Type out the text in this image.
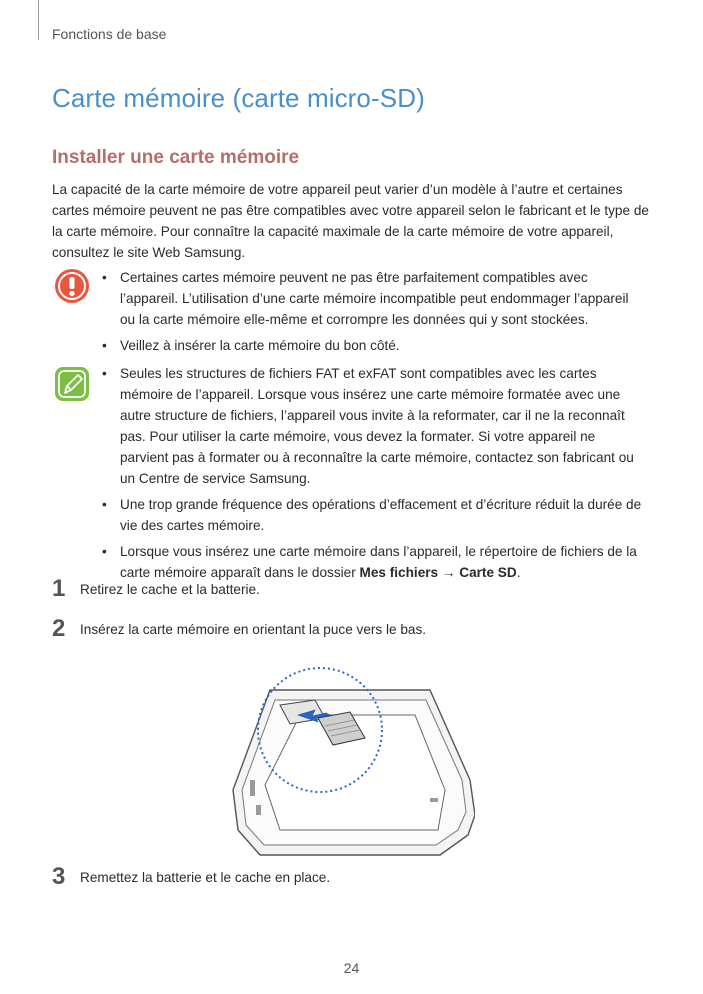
Fonctions de base
Carte mémoire (carte micro-SD)
Installer une carte mémoire

La capacité de la carte mémoire de votre appareil peut varier d’un modèle à l’autre et certaines cartes mémoire peuvent ne pas être compatibles avec votre appareil selon le fabricant et le type de la carte mémoire. Pour connaître la capacité maximale de la carte mémoire de votre appareil, consultez le site Web Samsung.

• Certaines cartes mémoire peuvent ne pas être parfaitement compatibles avec l’appareil. L’utilisation d’une carte mémoire incompatible peut endommager l’appareil ou la carte mémoire elle-même et corrompre les données qui y sont stockées.
• Veillez à insérer la carte mémoire du bon côté.
• Seules les structures de fichiers FAT et exFAT sont compatibles avec les cartes mémoire de l’appareil. Lorsque vous insérez une carte mémoire formatée avec une autre structure de fichiers, l’appareil vous invite à la reformater, car il ne la reconnaît pas. Pour utiliser la carte mémoire, vous devez la formater. Si votre appareil ne parvient pas à formater ou à reconnaître la carte mémoire, contactez son fabricant ou un Centre de service Samsung.
• Une trop grande fréquence des opérations d’effacement et d’écriture réduit la durée de vie des cartes mémoire.
• Lorsque vous insérez une carte mémoire dans l’appareil, le répertoire de fichiers de la carte mémoire apparaît dans le dossier Mes fichiers → Carte SD.
1 Retirez le cache et la batterie.
2 Insérez la carte mémoire en orientant la puce vers le bas.
3 Remettez la batterie et le cache en place.
24
